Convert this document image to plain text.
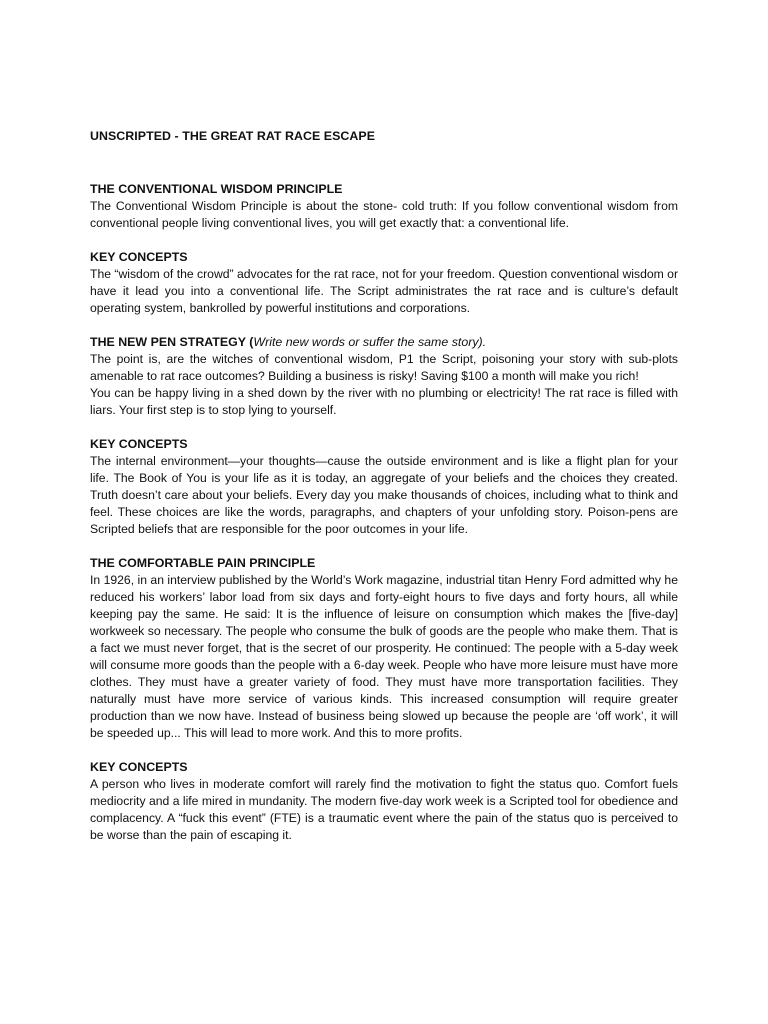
UNSCRIPTED - THE GREAT RAT RACE ESCAPE

THE CONVENTIONAL WISDOM PRINCIPLE

The Conventional Wisdom Principle is about the stone- cold truth: If you follow conventional wisdom from conventional people living conventional lives, you will get exactly that: a conventional life.

KEY CONCEPTS

The “wisdom of the crowd” advocates for the rat race, not for your freedom. Question conventional wisdom or have it lead you into a conventional life. The Script administrates the rat race and is culture’s default operating system, bankrolled by powerful institutions and corporations.

THE NEW PEN STRATEGY (Write new words or suffer the same story).

The point is, are the witches of conventional wisdom, P1 the Script, poisoning your story with sub-plots amenable to rat race outcomes? Building a business is risky! Saving $100 a month will make you rich!

You can be happy living in a shed down by the river with no plumbing or electricity! The rat race is filled with liars. Your first step is to stop lying to yourself.

KEY CONCEPTS

The internal environment—your thoughts—cause the outside environment and is like a flight plan for your life. The Book of You is your life as it is today, an aggregate of your beliefs and the choices they created. Truth doesn’t care about your beliefs. Every day you make thousands of choices, including what to think and feel. These choices are like the words, paragraphs, and chapters of your unfolding story. Poison-pens are Scripted beliefs that are responsible for the poor outcomes in your life.

THE COMFORTABLE PAIN PRINCIPLE

In 1926, in an interview published by the World’s Work magazine, industrial titan Henry Ford admitted why he reduced his workers’ labor load from six days and forty-eight hours to five days and forty hours, all while keeping pay the same. He said: It is the influence of leisure on consumption which makes the [five-day] workweek so necessary. The people who consume the bulk of goods are the people who make them. That is a fact we must never forget, that is the secret of our prosperity. He continued: The people with a 5-day week will consume more goods than the people with a 6-day week. People who have more leisure must have more clothes. They must have a greater variety of food. They must have more transportation facilities. They naturally must have more service of various kinds. This increased consumption will require greater production than we now have. Instead of business being slowed up because the people are ‘off work’, it will be speeded up... This will lead to more work. And this to more profits.

KEY CONCEPTS

A person who lives in moderate comfort will rarely find the motivation to fight the status quo. Comfort fuels mediocrity and a life mired in mundanity. The modern five-day work week is a Scripted tool for obedience and complacency. A “fuck this event” (FTE) is a traumatic event where the pain of the status quo is perceived to be worse than the pain of escaping it.
